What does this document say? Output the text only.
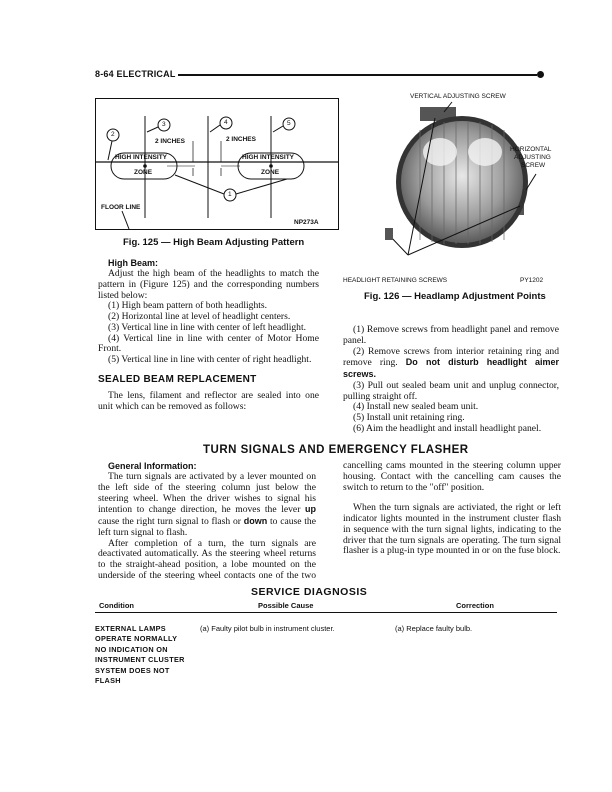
8-64 ELECTRICAL
3	4	5
2
1
2 INCHES	2 INCHES
HIGH INTENSITY
ZONE
HIGH INTENSITY
ZONE
FLOOR LINE
NP273A
Fig. 125 — High Beam Adjusting Pattern
VERTICAL ADJUSTING SCREW
HORIZONTAL
ADJUSTING
SCREW
HEADLIGHT RETAINING SCREWS	PY1202
Fig. 126 — Headlamp Adjustment Points

High Beam:

Adjust the high beam of the headlights to match the pattern in (Figure 125) and the corresponding numbers listed below:

(1) High beam pattern of both headlights.

(2) Horizontal line at level of headlight centers.

(3) Vertical line in line with center of left headlight.

(4) Vertical line in line with center of Motor Home Front.

(5) Vertical line in line with center of right headlight.

SEALED BEAM REPLACEMENT

The lens, filament and reflector are sealed into one unit which can be removed as follows:

(1) Remove screws from headlight panel and remove panel.

(2) Remove screws from interior retaining ring and remove ring. Do not disturb headlight aimer screws.

(3) Pull out sealed beam unit and unplug connector, pulling straight off.

(4) Install new sealed beam unit.

(5) Install unit retaining ring.

(6) Aim the headlight and install headlight panel.

TURN SIGNALS AND EMERGENCY FLASHER

General Information:

The turn signals are activated by a lever mounted on the left side of the steering column just below the steering wheel. When the driver wishes to signal his intention to change direction, he moves the lever up cause the right turn signal to flash or down to cause the left turn signal to flash.

After completion of a turn, the turn signals are deactivated automatically. As the steering wheel returns to the straight-ahead position, a lobe mounted on the underside of the steering wheel contacts one of the two

cancelling cams mounted in the steering column upper housing. Contact with the cancelling cam causes the switch to return to the "off" position.

When the turn signals are activiated, the right or left indicator lights mounted in the instrument cluster flash in sequence with the turn signal lights, indicating to the driver that the turn signals are operating. The turn signal flasher is a plug-in type mounted in or on the fuse block.

SERVICE DIAGNOSIS
Condition	Possible Cause	Correction
EXTERNAL LAMPS
OPERATE NORMALLY
NO INDICATION ON
INSTRUMENT CLUSTER
SYSTEM DOES NOT
FLASH
(a) Faulty pilot bulb in instrument cluster.	(a) Replace faulty bulb.
